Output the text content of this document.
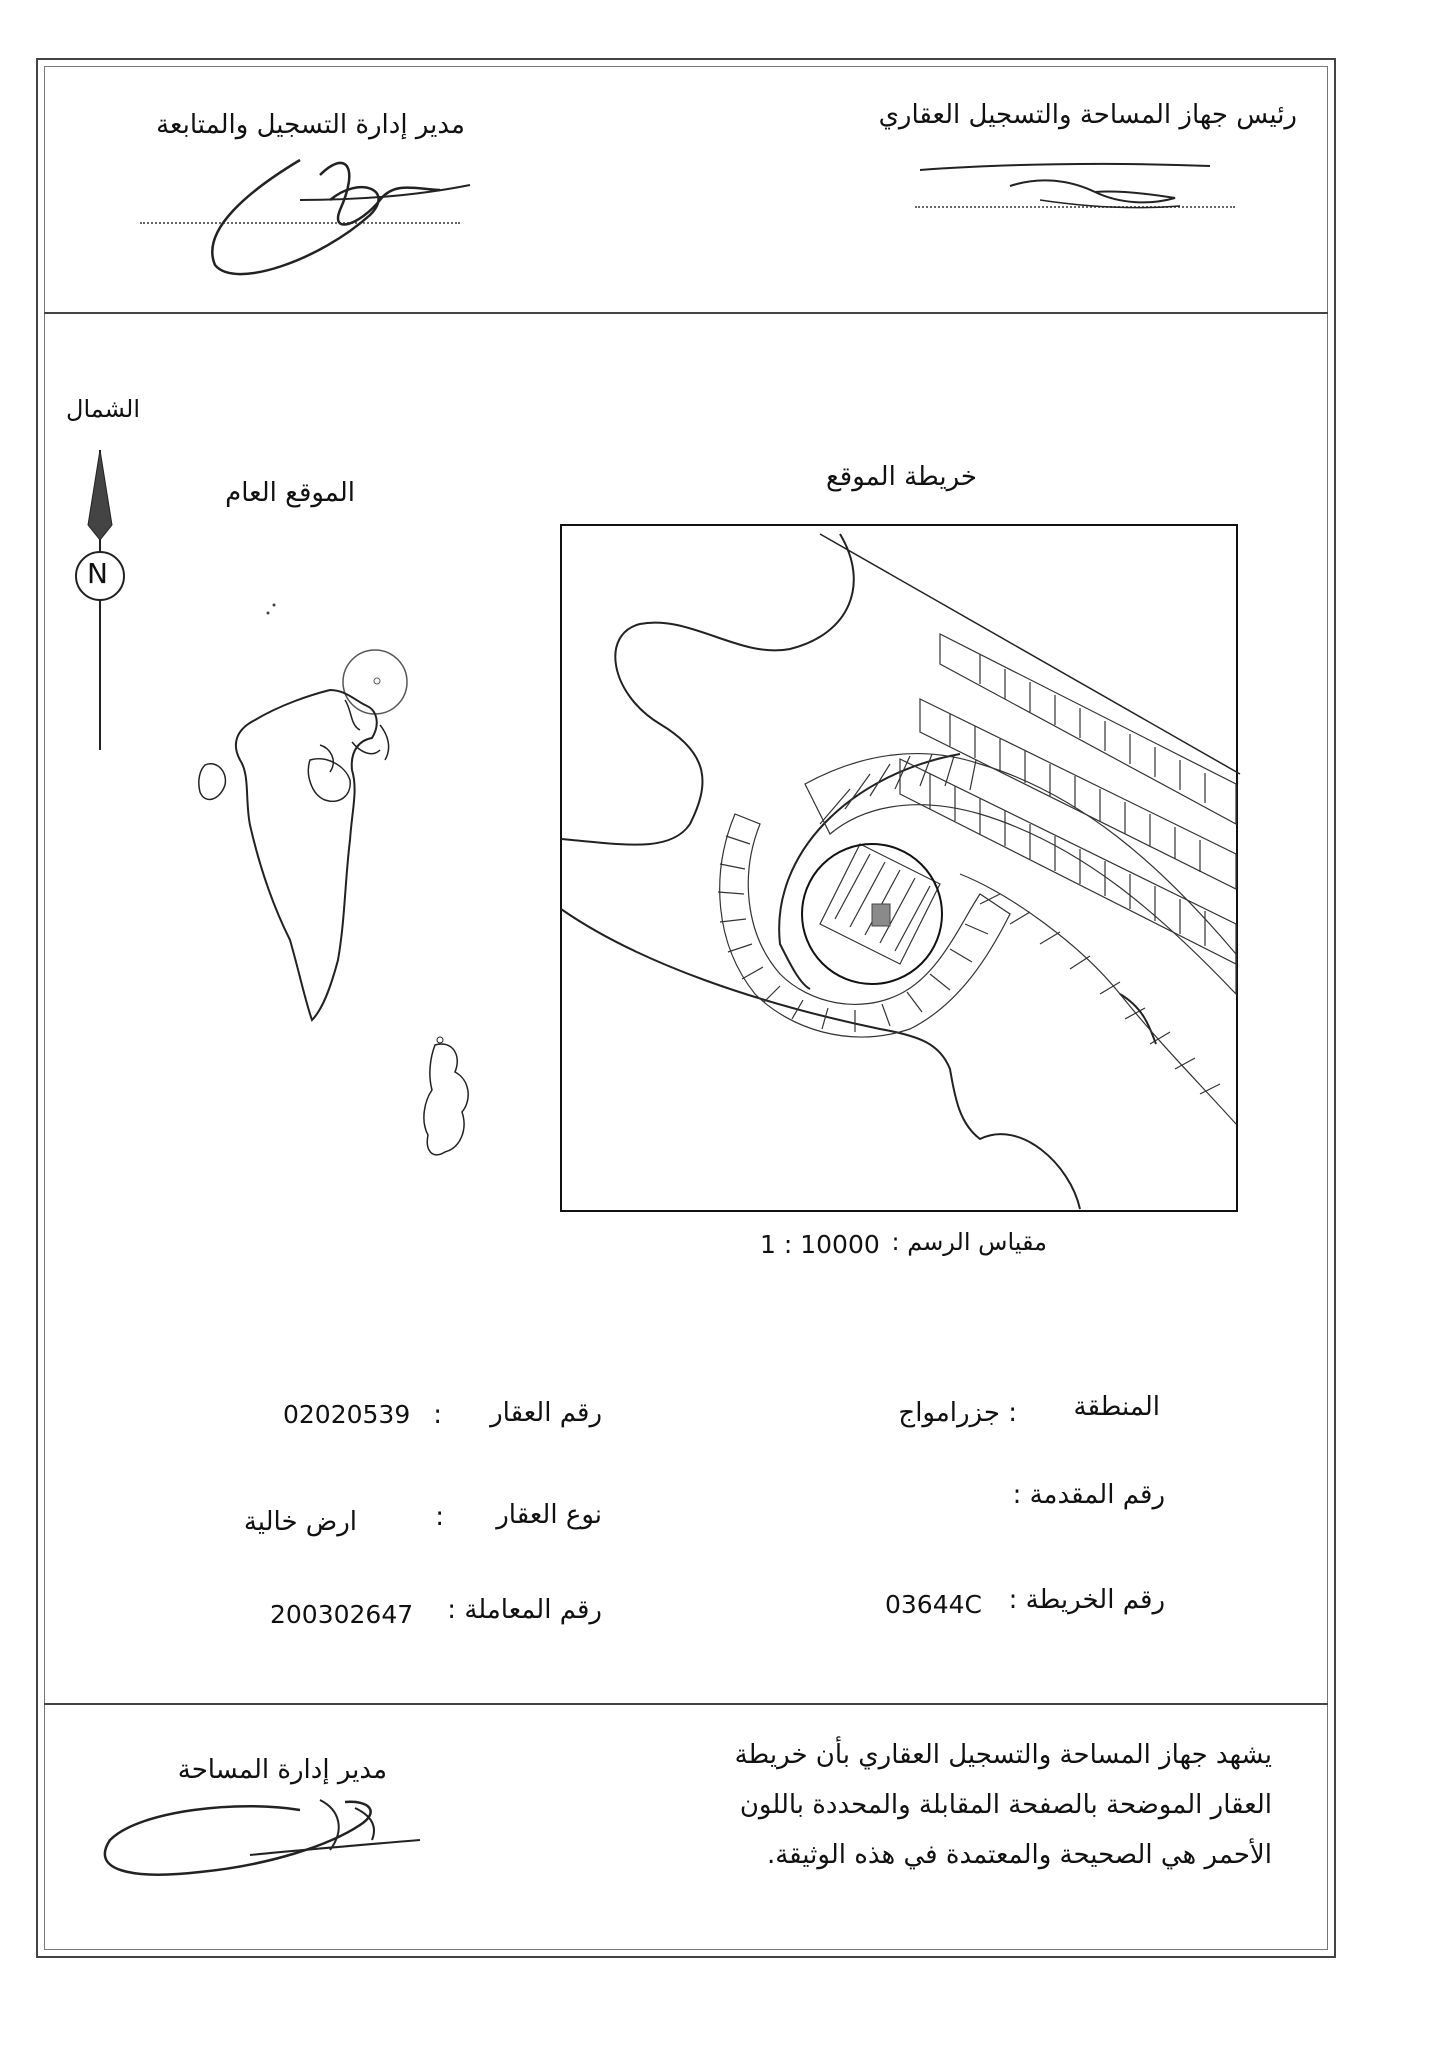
رئيس جهاز المساحة والتسجيل العقاري
مدير إدارة التسجيل والمتابعة
الشمال
N
الموقع العام
خريطة الموقع
مقياس الرسم :
1 : 10000
المنطقة
: جزرامواج
رقم العقار
:
02020539
رقم المقدمة :
نوع العقار
:
ارض خالية
رقم الخريطة :
03644C
رقم المعاملة :
200302647
يشهد جهاز المساحة والتسجيل العقاري بأن خريطة
العقار الموضحة بالصفحة المقابلة والمحددة باللون
الأحمر هي الصحيحة والمعتمدة في هذه الوثيقة.
مدير إدارة المساحة
